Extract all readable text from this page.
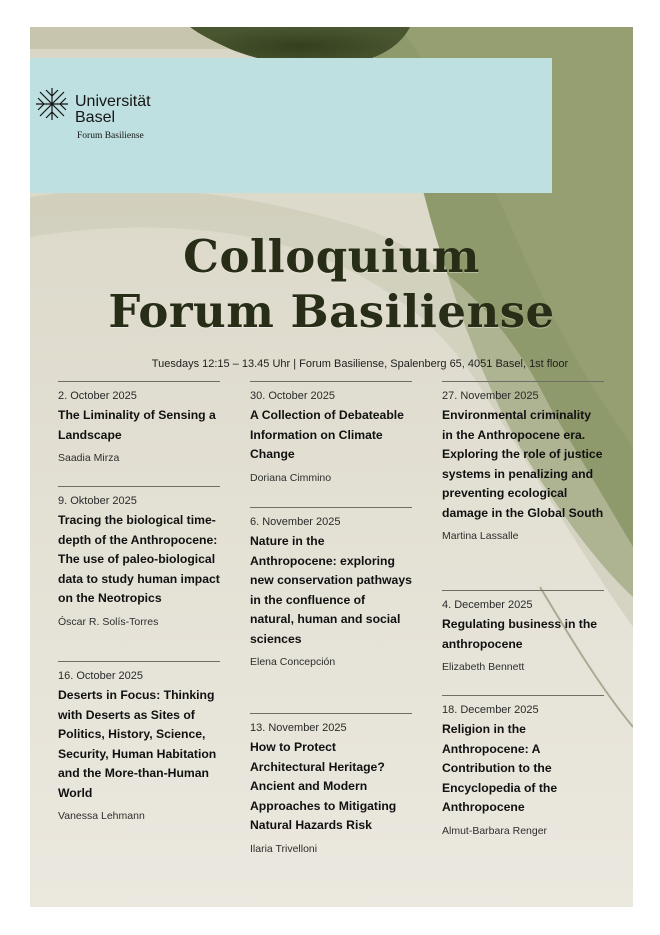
Universität
Basel
Forum Basiliense
Colloquium
Forum Basiliense
Tuesdays 12:15 – 13.45 Uhr | Forum Basiliense, Spalenberg 65, 4051 Basel, 1st floor
2. October 2025
The Liminality of Sensing a Landscape
Saadia Mirza
9. Oktober 2025
Tracing the biological time-depth of the Anthropocene: The use of paleo-biological data to study human impact on the Neotropics
Óscar R. Solís-Torres
16. October 2025
Deserts in Focus: Thinking with Deserts as Sites of Politics, History, Science, Security, Human Habitation and the More-than-Human World
Vanessa Lehmann
30. October 2025
A Collection of Debateable Information on Climate Change
Doriana Cimmino
6. November 2025
Nature in the Anthropocene: exploring new conservation pathways in the confluence of natural, human and social sciences
Elena Concepción
13. November 2025
How to Protect Architectural Heritage? Ancient and Modern Approaches to Mitigating Natural Hazards Risk
Ilaria Trivelloni
27. November 2025
Environmental criminality in the Anthropocene era. Exploring the role of justice systems in penalizing and preventing ecological damage in the Global South
Martina Lassalle
4. December 2025
Regulating business in the anthropocene
Elizabeth Bennett
18. December 2025
Religion in the Anthropocene: A Contribution to the Encyclopedia of the Anthropocene
Almut-Barbara Renger
